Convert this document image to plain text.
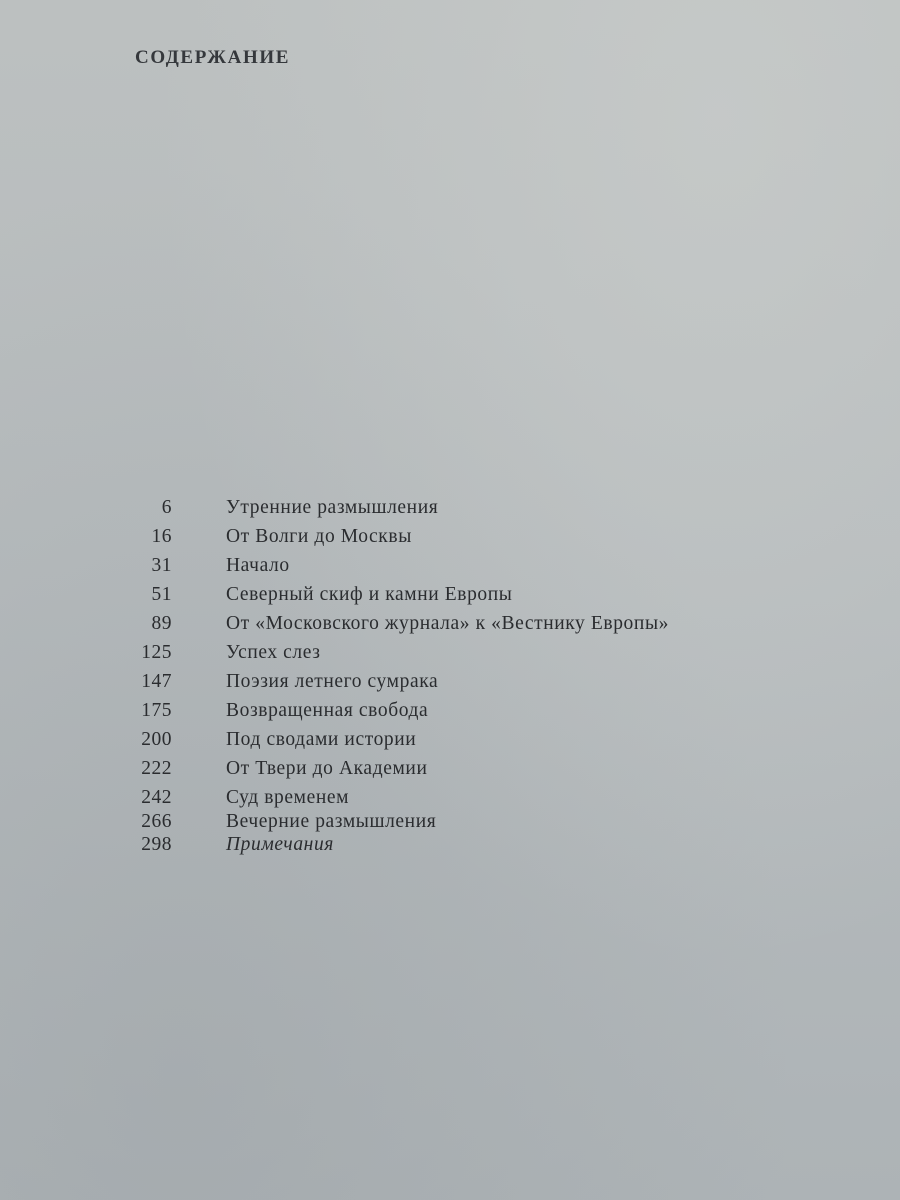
СОДЕРЖАНИЕ
6	Утренние размышления
16	От Волги до Москвы
31	Начало
51	Северный скиф и камни Европы
89	От «Московского журнала» к «Вестнику Европы»
125	Успех слез
147	Поэзия летнего сумрака
175	Возвращенная свобода
200	Под сводами истории
222	От Твери до Академии
242	Суд временем
266	Вечерние размышления
298	Примечания
